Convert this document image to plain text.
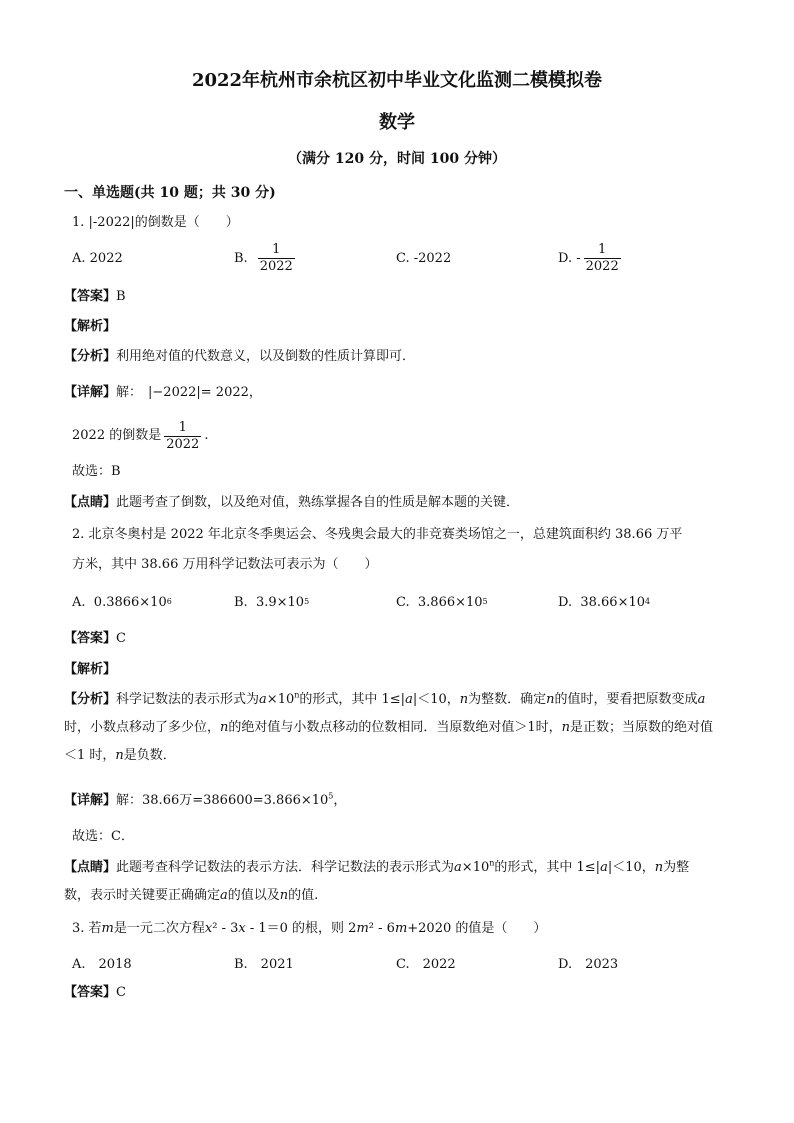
2022年杭州市余杭区初中毕业文化监测二模模拟卷
数学
（满分 120 分，时间 100 分钟）
一、单选题(共 10 题；共 30 分)
1. |-2022|的倒数是（　　）
A. 2022	B. $\frac{1}{2022}$	C. -2022	D. - $\frac{1}{2022}$
【答案】B
【解析】
【分析】利用绝对值的代数意义，以及倒数的性质计算即可．
【详解】解： |−2022|= 2022，
2022 的倒数是 $\frac{1}{2022}$ .
故选：B
【点睛】此题考查了倒数，以及绝对值，熟练掌握各自的性质是解本题的关键．
2. 北京冬奥村是 2022 年北京冬季奥运会、冬残奥会最大的非竞赛类场馆之一，总建筑面积约 38.66 万平
方米，其中 38.66 万用科学记数法可表示为（　　）
A.
0.3866×10 6	B.
3.9×10 5	C.
3.866×10 5	D.
38.66×10 4
【答案】C
【解析】
【分析】科学记数法的表示形式为$a\times 10^n$的形式，其中 1≤|a|＜10，n为整数．确定n的值时，要看把原数变成a时，小数点移动了多少位，n的绝对值与小数点移动的位数相同．当原数绝对值＞1时，n是正数；当原数的绝对值＜1 时，n是负数．
【详解】解：38.66万$=386600=3.866\times 10^5$，
故选：C．
【点睛】此题考查科学记数法的表示方法．科学记数法的表示形式为$a\times 10^n$的形式，其中 1≤|a|＜10，n为整数，表示时关键要正确确定a的值以及n的值.
3. 若m是一元二次方程x² - 3x - 1＝0 的根，则 2m² - 6m+2020 的值是（　　）
A.　2018	B.　2021	C.　2022	D.　2023
【答案】C
